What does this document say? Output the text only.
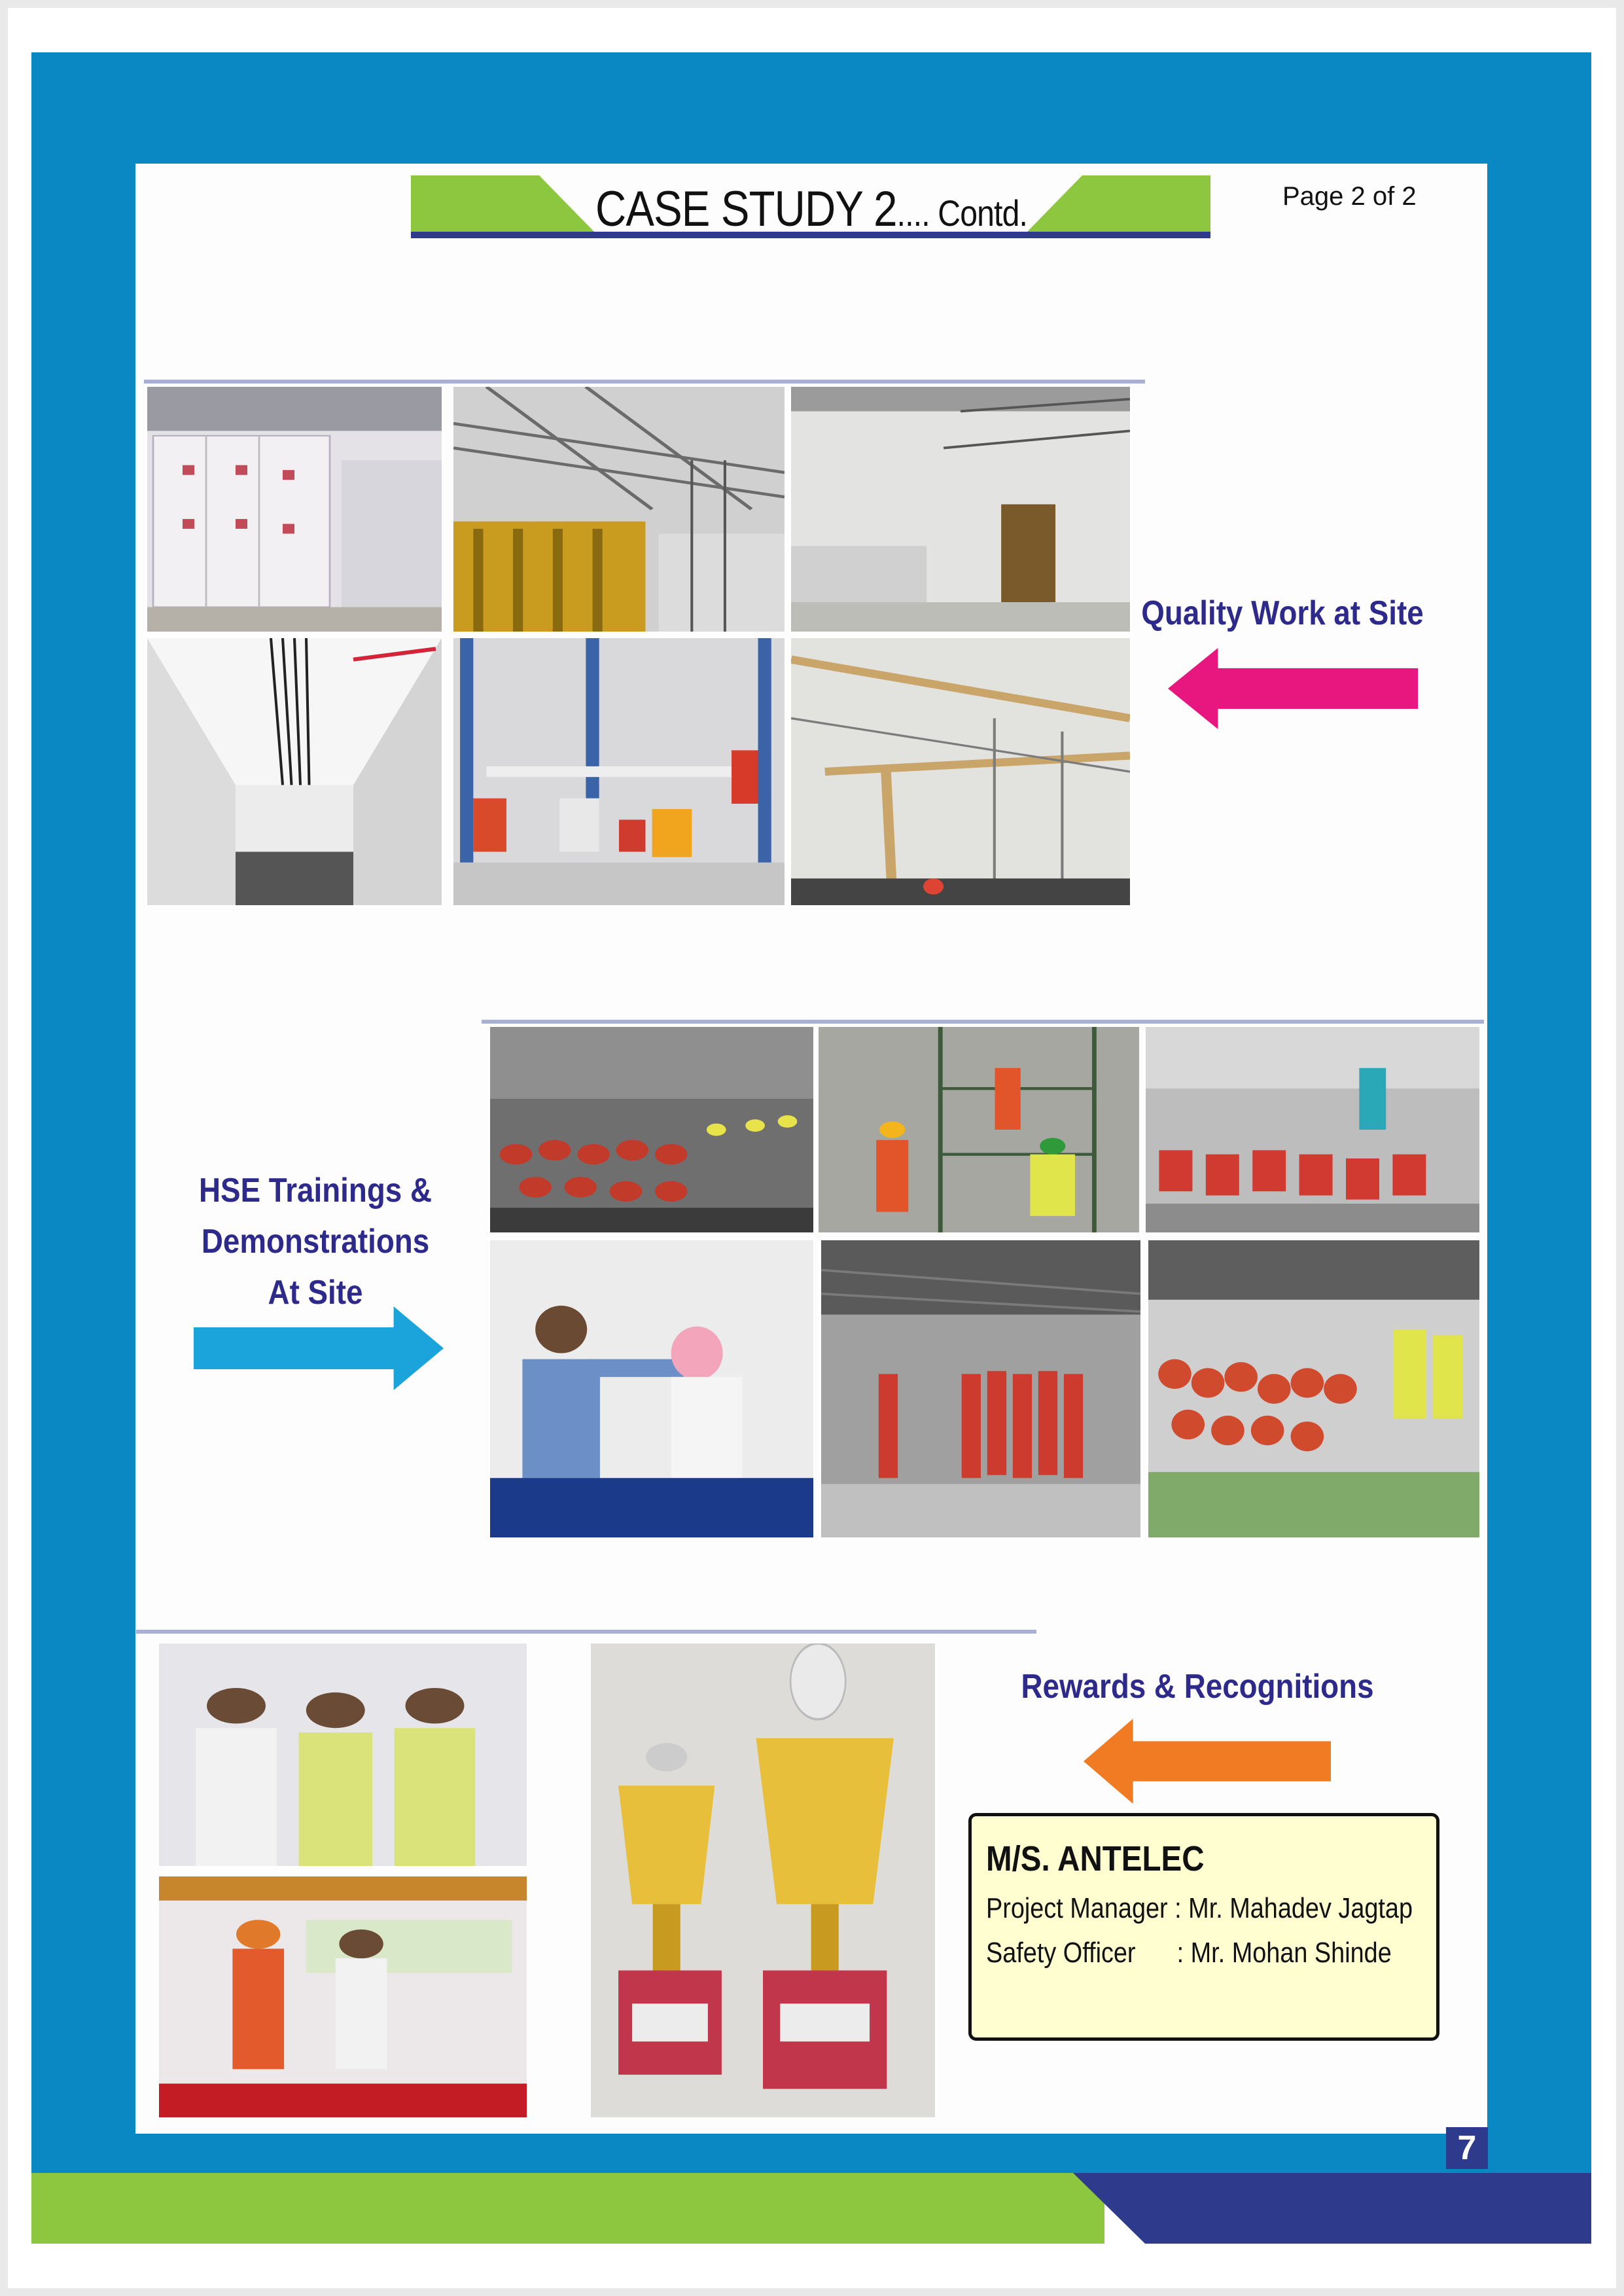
CASE STUDY 2.... Contd.	Page 2 of 2
Quality Work at Site
HSE Trainings &
Demonstrations
At Site
Rewards & Recognitions
M/S. ANTELEC
Project Manager : Mr. Mahadev Jagtap
Safety Officer      : Mr. Mohan Shinde
7
